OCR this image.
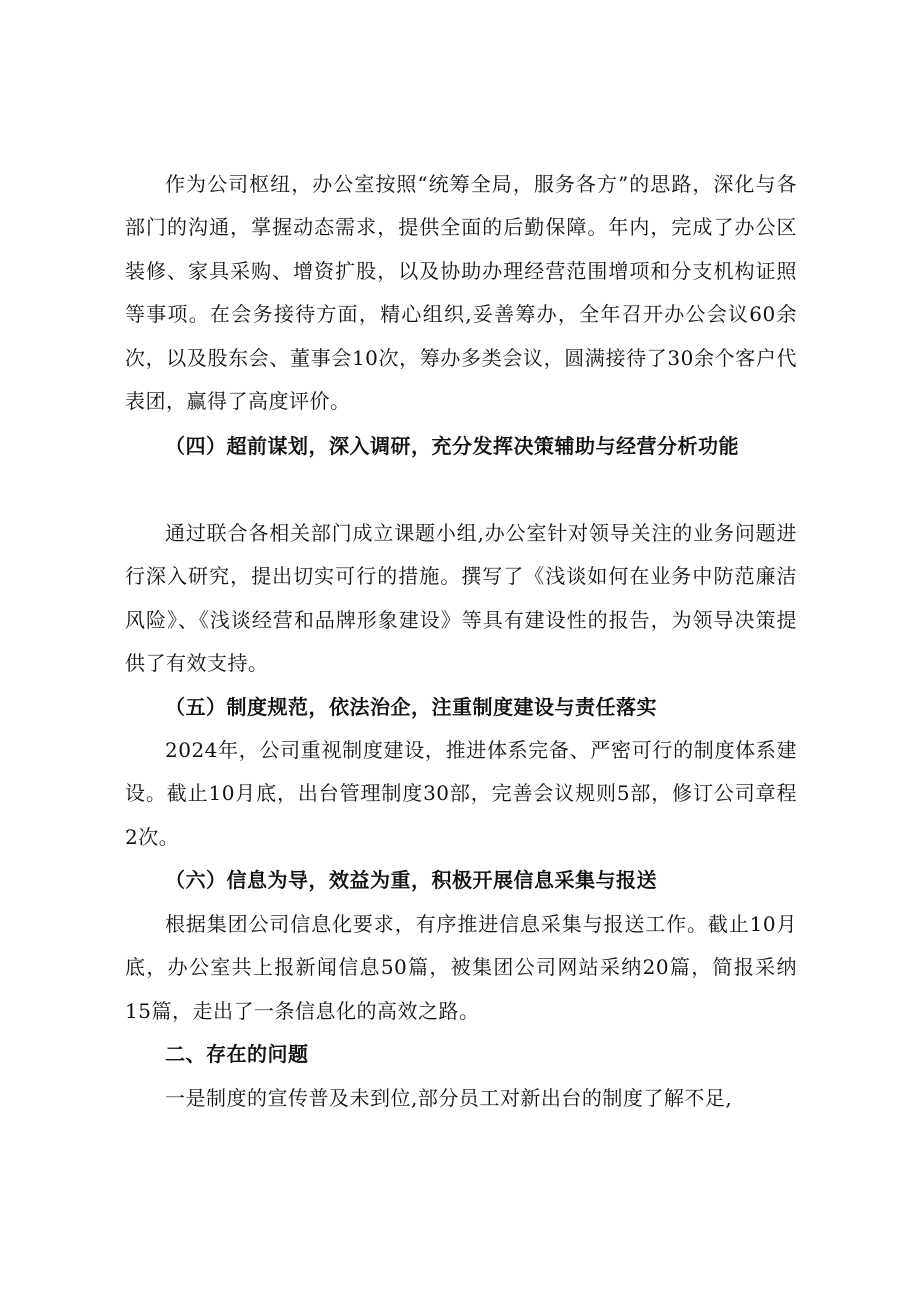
作为公司枢纽，办公室按照“统筹全局，服务各方”的思路，深化与各部门的沟通，掌握动态需求，提供全面的后勤保障。年内，完成了办公区装修、家具采购、增资扩股，以及协助办理经营范围增项和分支机构证照等事项。在会务接待方面，精心组织,妥善筹办，全年召开办公会议60余次，以及股东会、董事会10次，筹办多类会议，圆满接待了30余个客户代表团，赢得了高度评价。

（四）超前谋划，深入调研，充分发挥决策辅助与经营分析功能

通过联合各相关部门成立课题小组,办公室针对领导关注的业务问题进行深入研究，提出切实可行的措施。撰写了《浅谈如何在业务中防范廉洁风险》、《浅谈经营和品牌形象建设》等具有建设性的报告，为领导决策提供了有效支持。

（五）制度规范，依法治企，注重制度建设与责任落实

2024年，公司重视制度建设，推进体系完备、严密可行的制度体系建设。截止10月底，出台管理制度30部，完善会议规则5部，修订公司章程2次。

（六）信息为导，效益为重，积极开展信息采集与报送

根据集团公司信息化要求，有序推进信息采集与报送工作。截止10月底，办公室共上报新闻信息50篇，被集团公司网站采纳20篇，简报采纳15篇，走出了一条信息化的高效之路。

二、存在的问题

一是制度的宣传普及未到位,部分员工对新出台的制度了解不足,
